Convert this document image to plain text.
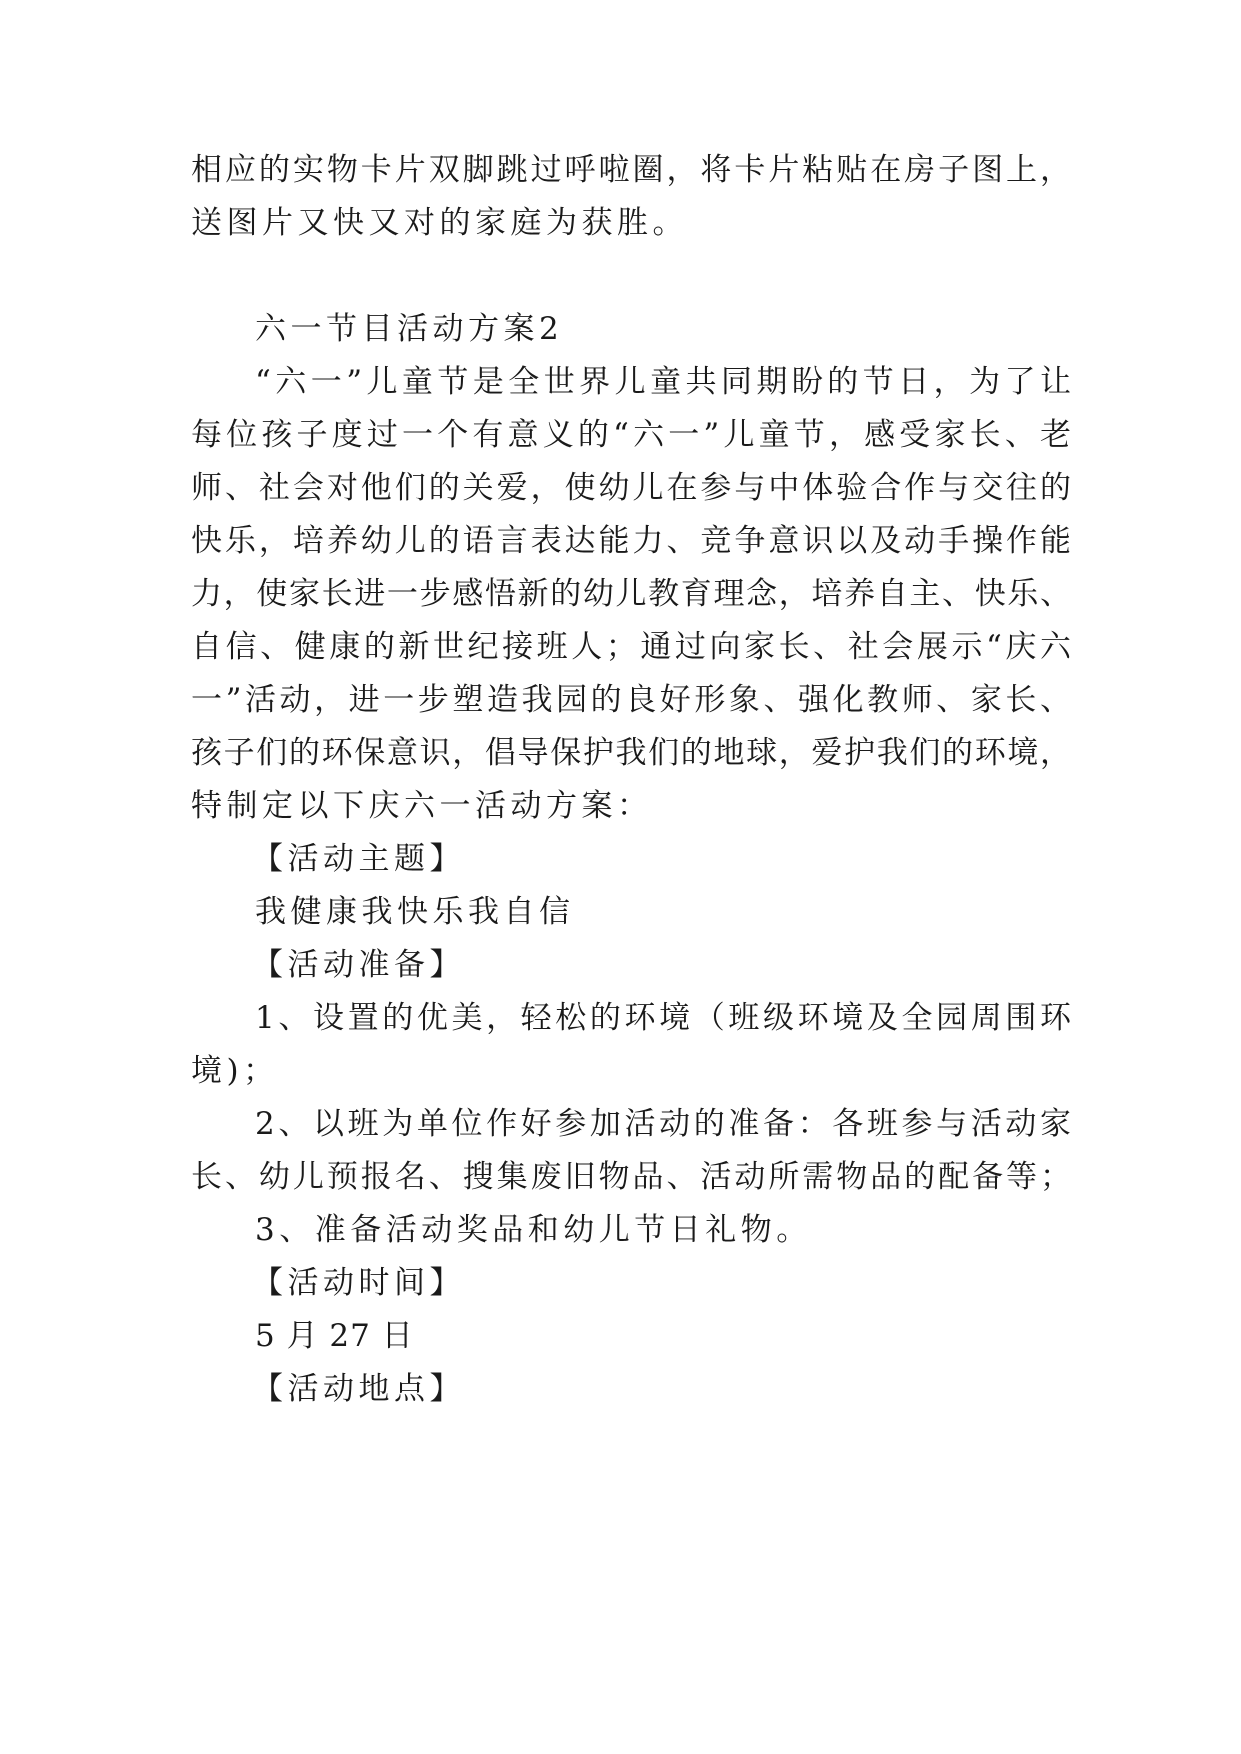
相应的实物卡片双脚跳过呼啦圈，将卡片粘贴在房子图上，
送图片又快又对的家庭为获胜。
六一节目活动方案2
“六一”儿童节是全世界儿童共同期盼的节日，为了让
每位孩子度过一个有意义的“六一”儿童节，感受家长、老
师、社会对他们的关爱，使幼儿在参与中体验合作与交往的
快乐，培养幼儿的语言表达能力、竞争意识以及动手操作能
力，使家长进一步感悟新的幼儿教育理念，培养自主、快乐、
自信、健康的新世纪接班人；通过向家长、社会展示“庆六
一”活动，进一步塑造我园的良好形象、强化教师、家长、
孩子们的环保意识，倡导保护我们的地球，爱护我们的环境，
特制定以下庆六一活动方案：
【活动主题】
我健康我快乐我自信
【活动准备】
1、设置的优美，轻松的环境（班级环境及全园周围环
境)；
2、以班为单位作好参加活动的准备：各班参与活动家
长、幼儿预报名、搜集废旧物品、活动所需物品的配备等；
3、准备活动奖品和幼儿节日礼物。
【活动时间】
5 月 27 日
【活动地点】
